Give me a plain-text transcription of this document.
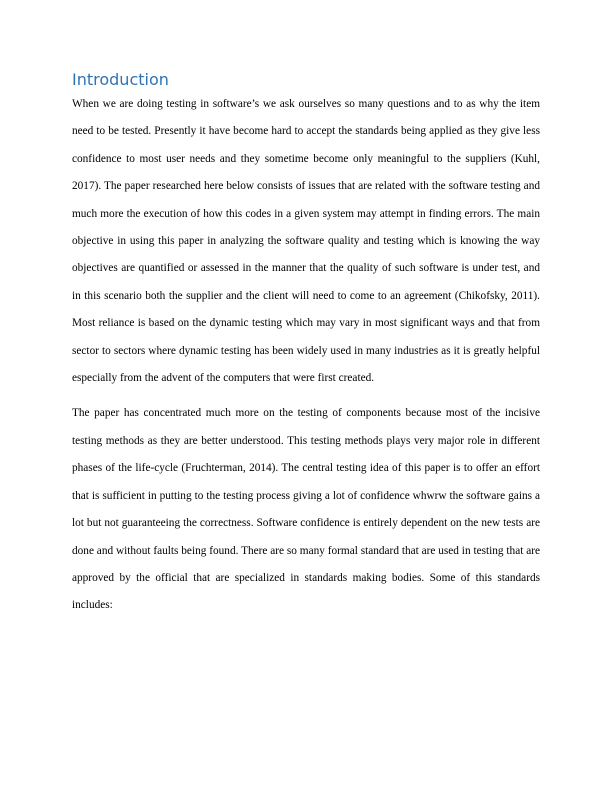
Introduction

When we are doing testing in software’s we ask ourselves so many questions and to as why the item need to be tested. Presently it have become hard to accept the standards being applied as they give less confidence to most user needs and they sometime become only meaningful to the suppliers (Kuhl, 2017). The paper researched here below consists of issues that are related with the software testing and much more the execution of how this codes in a given system may attempt in finding errors. The main objective in using this paper in analyzing the software quality and testing which is knowing the way objectives are quantified or assessed in the manner that the quality of such software is under test, and in this scenario both the supplier and the client will need to come to an agreement (Chikofsky, 2011). Most reliance is based on the dynamic testing which may vary in most significant ways and that from sector to sectors where dynamic testing has been widely used in many industries as it is greatly helpful especially from the advent of the computers that were first created.

The paper has concentrated much more on the testing of components because most of the incisive testing methods as they are better understood. This testing methods plays very major role in different phases of the life-cycle (Fruchterman, 2014). The central testing idea of this paper is to offer an effort that is sufficient in putting to the testing process giving a lot of confidence whwrw the software gains a lot but not guaranteeing the correctness. Software confidence is entirely dependent on the new tests are done and without faults being found. There are so many formal standard that are used in testing that are approved by the official that are specialized in standards making bodies. Some of this standards includes:
